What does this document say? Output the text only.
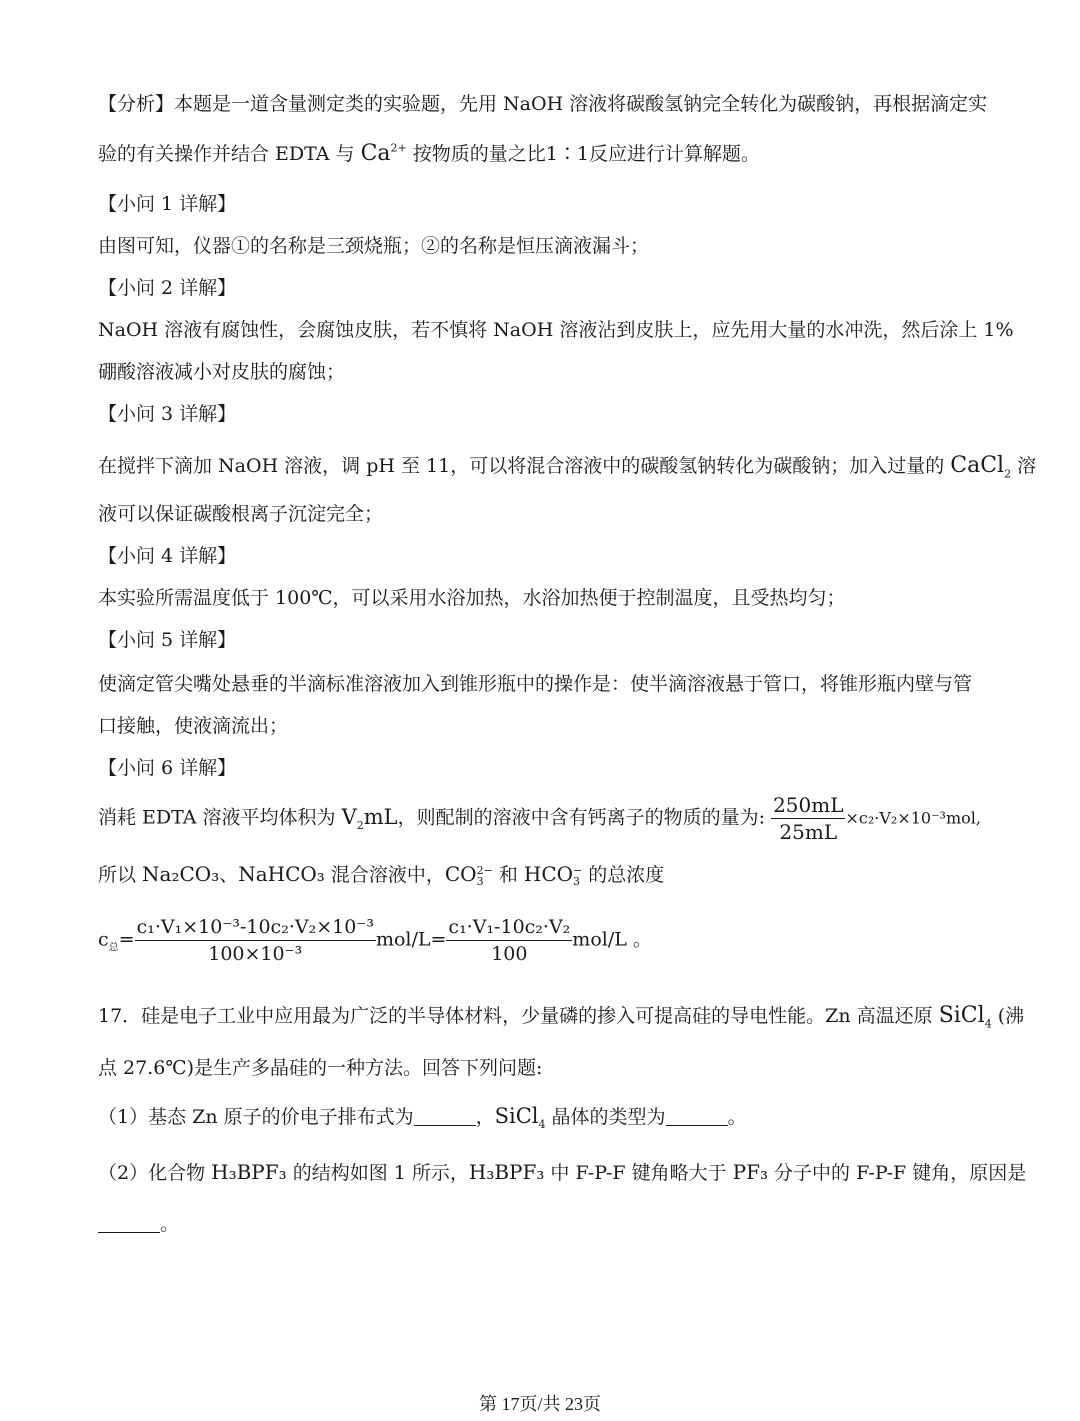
【分析】本题是一道含量测定类的实验题，先用 NaOH 溶液将碳酸氢钠完全转化为碳酸钠，再根据滴定实
验的有关操作并结合 EDTA 与 $Ca^{2+}$ 按物质的量之比1∶1反应进行计算解题。
【小问 1 详解】
由图可知，仪器①的名称是三颈烧瓶；②的名称是恒压滴液漏斗；
【小问 2 详解】
NaOH 溶液有腐蚀性，会腐蚀皮肤，若不慎将 NaOH 溶液沾到皮肤上，应先用大量的水冲洗，然后涂上 1%
硼酸溶液减小对皮肤的腐蚀；
【小问 3 详解】
在搅拌下滴加 NaOH 溶液，调 pH 至 11，可以将混合溶液中的碳酸氢钠转化为碳酸钠；加入过量的 CaCl$_2$ 溶
液可以保证碳酸根离子沉淀完全；
【小问 4 详解】
本实验所需温度低于 100℃，可以采用水浴加热，水浴加热便于控制温度，且受热均匀；
【小问 5 详解】
使滴定管尖嘴处悬垂的半滴标准溶液加入到锥形瓶中的操作是：使半滴溶液悬于管口，将锥形瓶内壁与管
口接触，使液滴流出；
【小问 6 详解】
消耗 EDTA 溶液平均体积为 $V_2mL$，则配制的溶液中含有钙离子的物质的量为: $\frac{250mL}{25mL} \times c_2\cdot V_2\times 10^{-3}mol$,
所以 Na₂CO₃、NaHCO₃ 混合溶液中，CO 2−
3 和 HCO −
3 的总浓度
$c_总= \frac{\text{c₁·V₁×10⁻³-10c₂·V₂×10⁻³}}{\text{100×10⁻³}} mol/L= \frac{\text{c₁·V₁-10c₂·V₂}}{100} mol/L$ 。
17．硅是电子工业中应用最为广泛的半导体材料，少量磷的掺入可提高硅的导电性能。Zn 高温还原 SiCl$_4$ (沸
点 27.6℃)是生产多晶硅的一种方法。回答下列问题:
（1）基态 Zn 原子的价电子排布式为	，SiCl$_4$ 晶体的类型为	。
（2）化合物 H₃BPF₃ 的结构如图 1 所示，H₃BPF₃ 中 F-P-F 键角略大于 PF₃ 分子中的 F-P-F 键角，原因是
。
第 17页/共 23页
